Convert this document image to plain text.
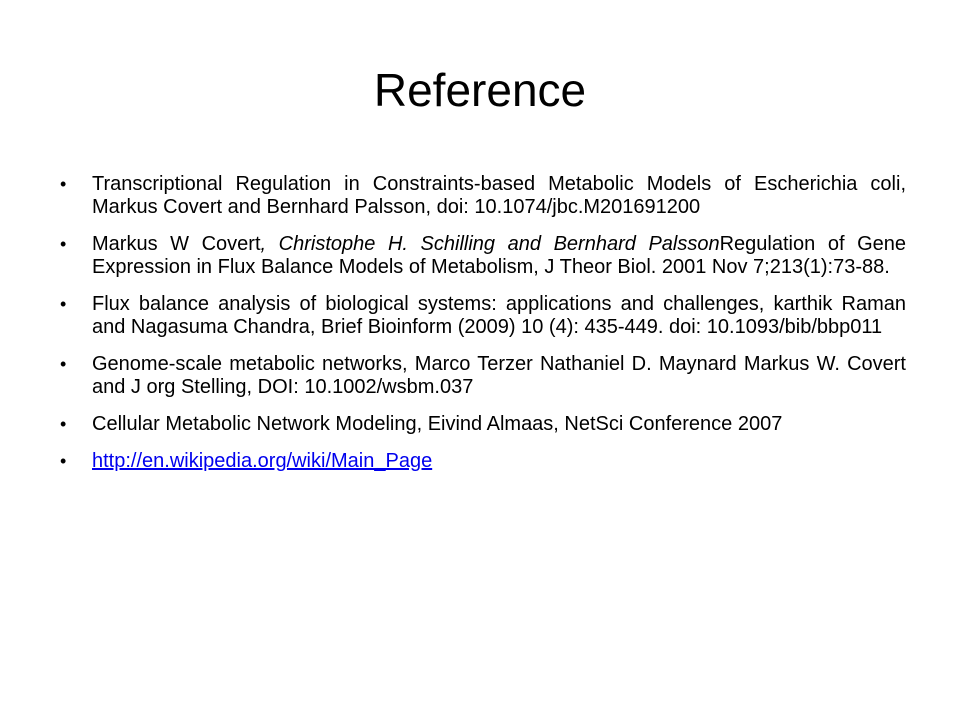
Reference
• Transcriptional Regulation in Constraints-based Metabolic Models of Escherichia coli, Markus Covert and Bernhard Palsson, doi: 10.1074/jbc.M201691200
• Markus W Covert, Christophe H. Schilling and Bernhard PalssonRegulation of Gene Expression in Flux Balance Models of Metabolism, J Theor Biol. 2001 Nov 7;213(1):73-88.
• Flux balance analysis of biological systems: applications and challenges, karthik Raman and Nagasuma Chandra, Brief Bioinform (2009) 10 (4): 435-449. doi: 10.1093/bib/bbp011
• Genome-scale metabolic networks, Marco Terzer Nathaniel D. Maynard Markus W. Covert and J org Stelling, DOI: 10.1002/wsbm.037
• Cellular Metabolic Network Modeling, Eivind Almaas, NetSci Conference 2007
• http://en.wikipedia.org/wiki/Main_Page
